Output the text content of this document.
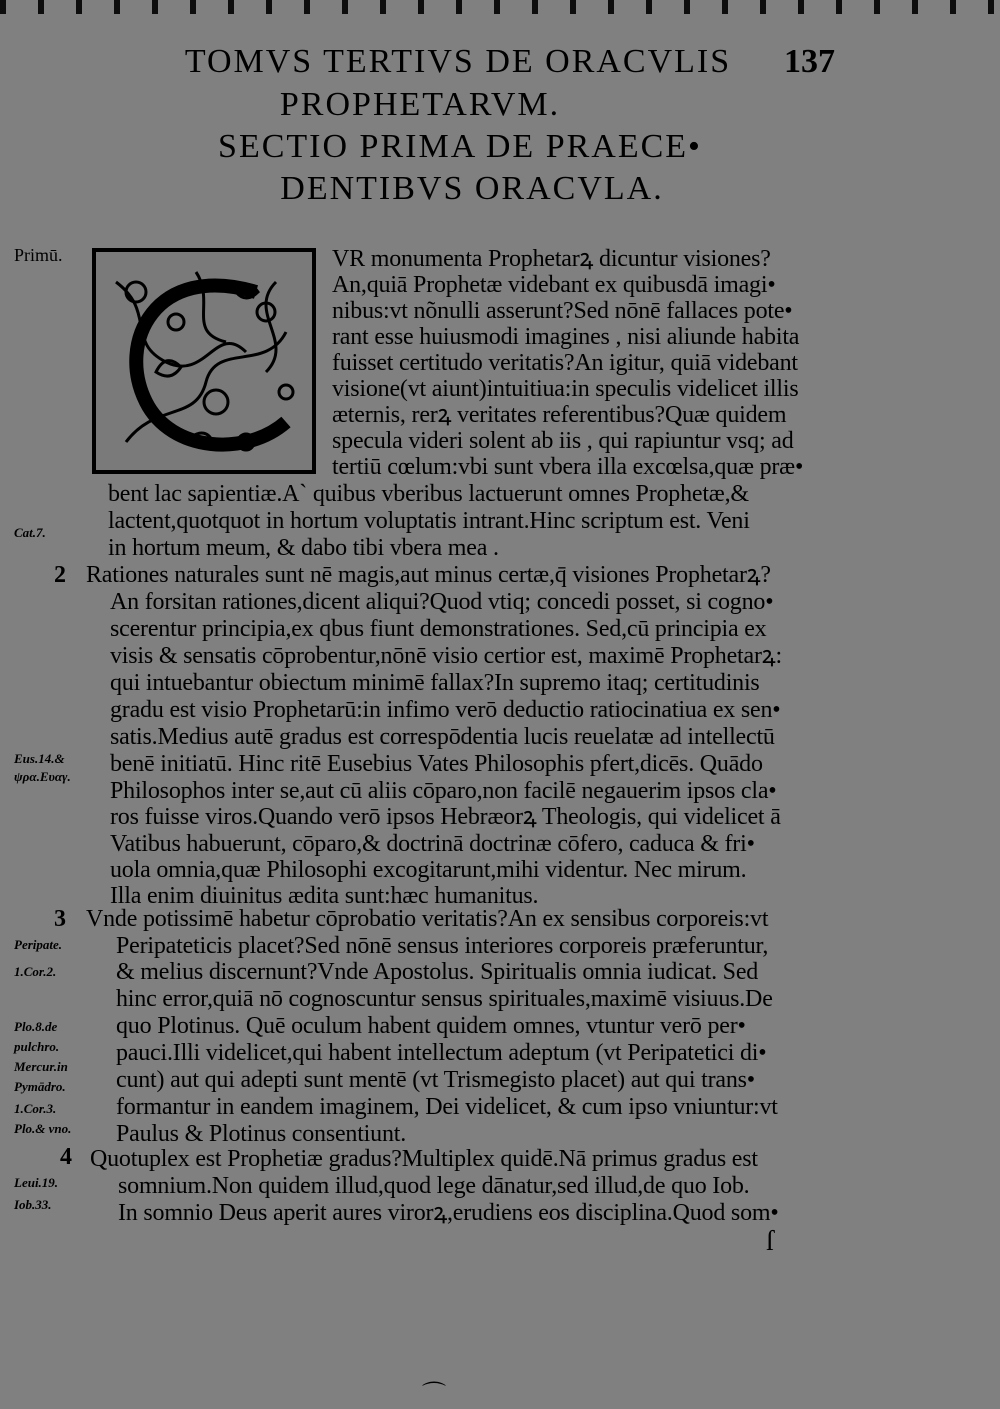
TOMVS TERTIVS DE ORACVLIS	137
PROPHETARVM.
SECTIO PRIMA DE PRAECE•
DENTIBVS ORACVLA.
Primū.
Cat.7.
Eus.14.&
ψρα.Ευαγ.
Peripate.
1.Cor.2.
Plo.8.de
pulchro.
Mercur.in
Pymādro.
1.Cor.3.
Plo.& vno.
Leui.19.
Iob.33.
2
3
4
VR monumenta Prophetarꝝ dicuntur visiones?
An,quiā Prophetæ videbant ex quibusdā imagi•
nibus:vt nõnulli asserunt?Sed nōnē fallaces pote•
rant esse huiusmodi imagines , nisi aliunde habita
fuisset certitudo veritatis?An igitur, quiā videbant
visione(vt aiunt)intuitiua:in speculis videlicet illis
æternis, rerꝝ veritates referentibus?Quæ quidem
specula videri solent ab iis , qui rapiuntur vsq; ad
tertiū cœlum:vbi sunt vbera illa excœlsa,quæ præ•
bent lac sapientiæ.Aˋ quibus vberibus lactuerunt omnes Prophetæ,&
lactent,quotquot in hortum voluptatis intrant.Hinc scriptum est. Veni
in hortum meum, & dabo tibi vbera mea .
Rationes naturales sunt nē magis,aut minus certæ,q̄ visiones Prophetarꝝ?
An forsitan rationes,dicent aliqui?Quod vtiq; concedi posset, si cogno•
scerentur principia,ex qbus fiunt demonstrationes. Sed,cū principia ex
visis & sensatis cōprobentur,nōnē visio certior est, maximē Prophetarꝝ:
qui intuebantur obiectum minimē fallax?In supremo itaq; certitudinis
gradu est visio Prophetarū:in infimo verō deductio ratiocinatiua ex sen•
satis.Medius autē gradus est correspōdentia lucis reuelatæ ad intellectū
benē initiatū. Hinc ritē Eusebius Vates Philosophis pfert,dicēs. Quādo
Philosophos inter se,aut cū aliis cōparo,non facilē negauerim ipsos cla•
ros fuisse viros.Quando verō ipsos Hebræorꝝ Theologis, qui videlicet ā
Vatibus habuerunt, cōparo,& doctrinā doctrinæ cōfero, caduca & fri•
uola omnia,quæ Philosophi excogitarunt,mihi videntur. Nec mirum.
Illa enim diuinitus ædita sunt:hæc humanitus.
Vnde potissimē habetur cōprobatio veritatis?An ex sensibus corporeis:vt
Peripateticis placet?Sed nōnē sensus interiores corporeis præferuntur,
& melius discernunt?Vnde Apostolus. Spiritualis omnia iudicat. Sed
hinc error,quiā nō cognoscuntur sensus spirituales,maximē visiuus.De
quo Plotinus. Quē oculum habent quidem omnes, vtuntur verō per•
pauci.Illi videlicet,qui habent intellectum adeptum (vt Peripatetici di•
cunt) aut qui adepti sunt mentē (vt Trismegisto placet) aut qui trans•
formantur in eandem imaginem, Dei videlicet, & cum ipso vniuntur:vt
Paulus & Plotinus consentiunt.
Quotuplex est Prophetiæ gradus?Multiplex quidē.Nā primus gradus est
somnium.Non quidem illud,quod lege dānatur,sed illud,de quo Iob.
In somnio Deus aperit aures virorꝝ,erudiens eos disciplina.Quod som•
ſ
⌒
